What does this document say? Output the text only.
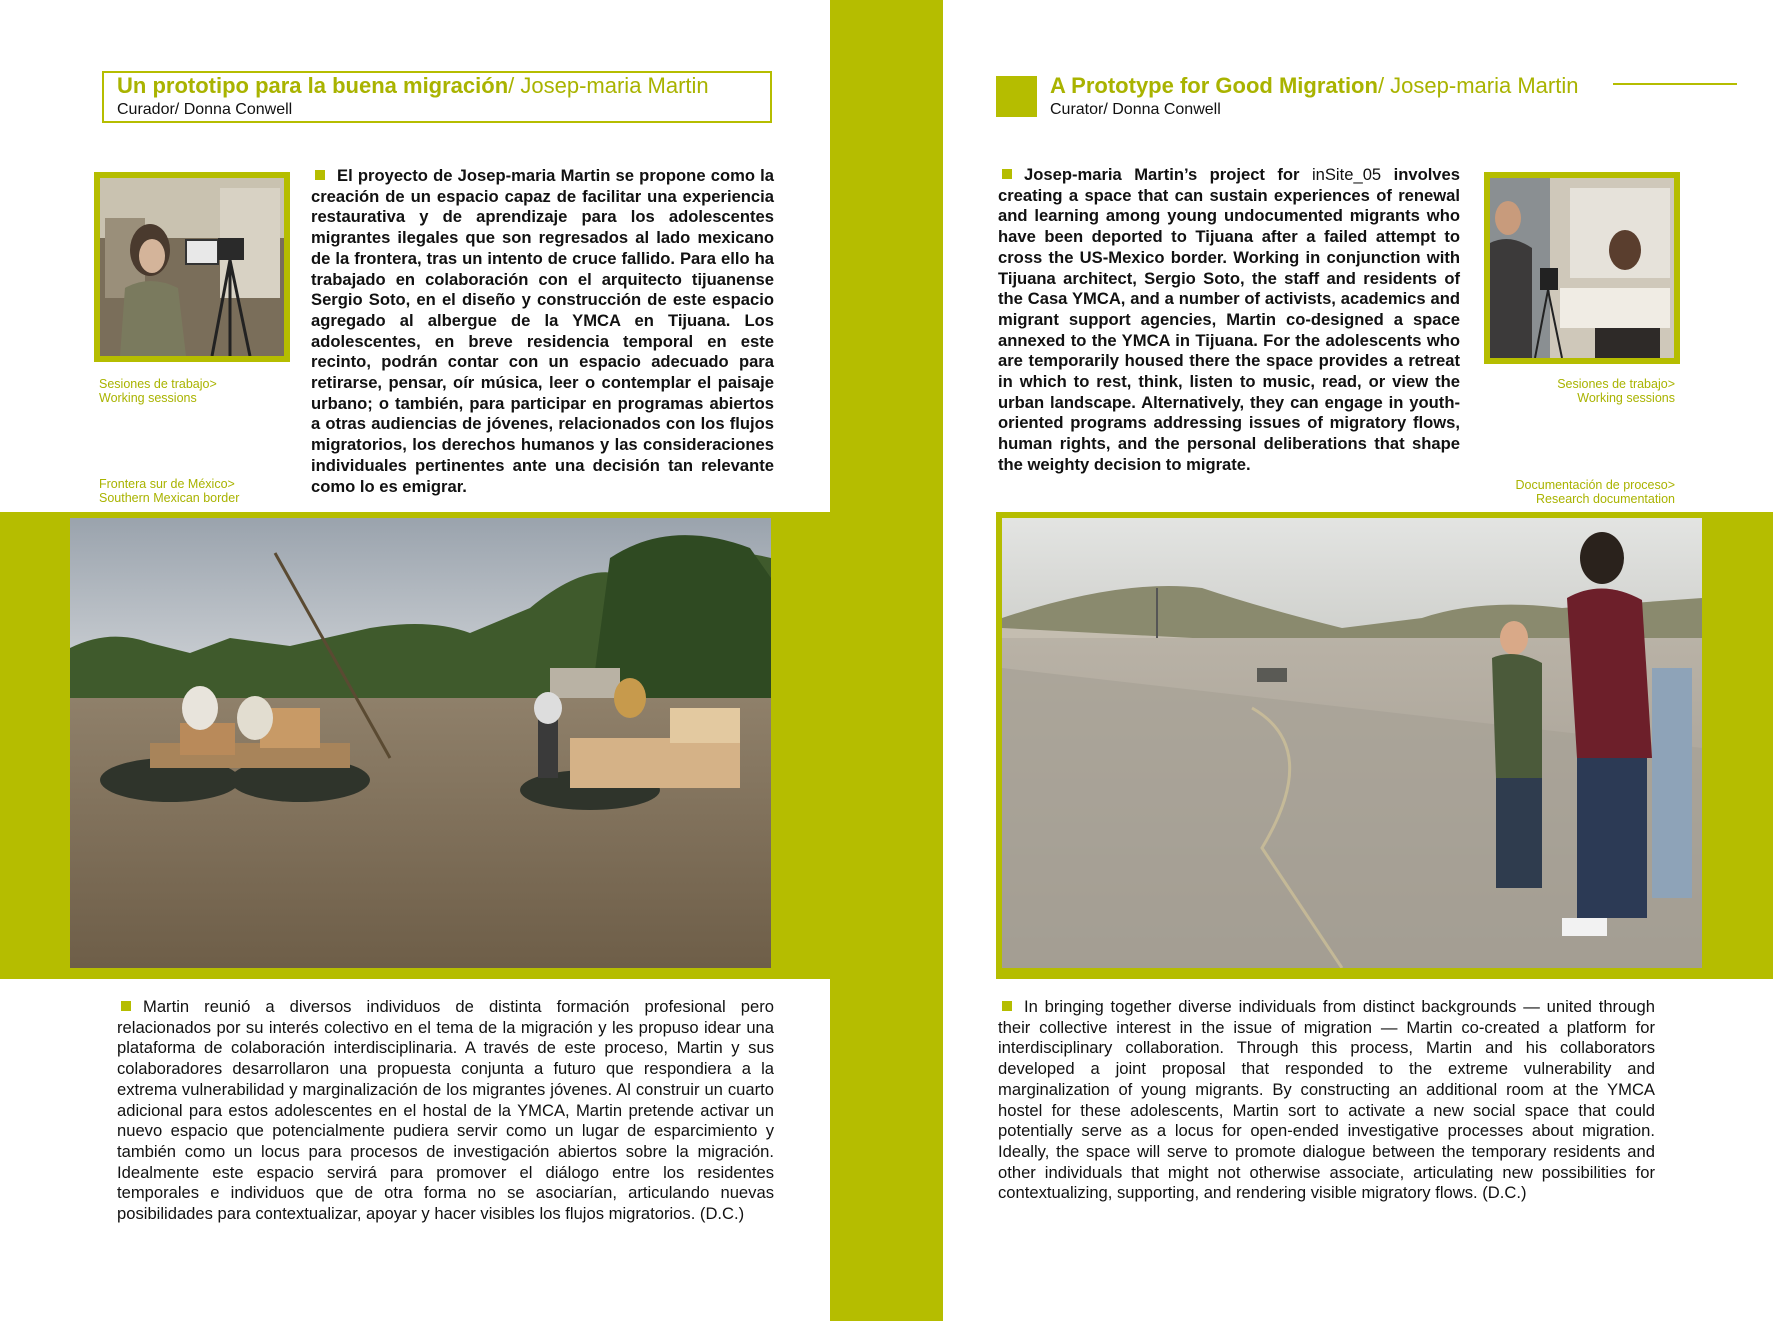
Un prototipo para la buena migración/ Josep-maria Martin
Curador/ Donna Conwell
Sesiones de trabajo>
Working sessions
Frontera sur de México>
Southern Mexican border
El proyecto de Josep-maria Martin se propone como la creación de un espacio capaz de facilitar una experiencia restaurativa y de aprendizaje para los adolescentes migrantes ilegales que son regresados al lado mexicano de la frontera, tras un intento de cruce fallido. Para ello ha trabajado en colaboración con el arquitecto tijuanense Sergio Soto, en el diseño y construcción de este espacio agregado al albergue de la YMCA en Tijuana. Los adolescentes, en breve residencia temporal en este recinto, podrán contar con un espacio adecuado para retirarse, pensar, oír música, leer o contemplar el paisaje urbano; o también, para participar en programas abiertos a otras audiencias de jóvenes, relacionados con los flujos migratorios, los derechos humanos y las consideraciones individuales pertinentes ante una decisión tan relevante como lo es emigrar.
Martin reunió a diversos individuos de distinta formación profesional pero relacionados por su interés colectivo en el tema de la migración y les propuso idear una plataforma de colaboración interdisciplinaria. A través de este proceso, Martin y sus colaboradores desarrollaron una propuesta conjunta a futuro que respondiera a la extrema vulnerabilidad y marginalización de los migrantes jóvenes. Al construir un cuarto adicional para estos adolescentes en el hostal de la YMCA, Martin pretende activar un nuevo espacio que potencialmente pudiera servir como un lugar de esparcimiento y también como un locus para procesos de investigación abiertos sobre la migración. Idealmente este espacio servirá para promover el diálogo entre los residentes temporales e individuos que de otra forma no se asociarían, articulando nuevas posibilidades para contextualizar, apoyar y hacer visibles los flujos migratorios. (D.C.)
A Prototype for Good Migration/ Josep-maria Martin
Curator/ Donna Conwell
Josep-maria Martin’s project for inSite_05 involves creating a space that can sustain experiences of renewal and learning among young undocumented migrants who have been deported to Tijuana after a failed attempt to cross the US-Mexico border. Working in conjunction with Tijuana architect, Sergio Soto, the staff and residents of the Casa YMCA, and a number of activists, academics and migrant support agencies, Martin co-designed a space annexed to the YMCA in Tijuana. For the adolescents who are temporarily housed there the space provides a retreat in which to rest, think, listen to music, read, or view the urban landscape. Alternatively, they can engage in youth-oriented programs addressing issues of migratory flows, human rights, and the personal deliberations that shape the weighty decision to migrate.
Sesiones de trabajo>
Working sessions
Documentación de proceso>
Research documentation
In bringing together diverse individuals from distinct backgrounds — united through their collective interest in the issue of migration — Martin co-created a platform for interdisciplinary collaboration. Through this process, Martin and his collaborators developed a joint proposal that responded to the extreme vulnerability and marginalization of young migrants. By constructing an additional room at the YMCA hostel for these adolescents, Martin sort to activate a new social space that could potentially serve as a locus for open-ended investigative processes about migration. Ideally, the space will serve to promote dialogue between the temporary residents and other individuals that might not otherwise associate, articulating new possibilities for contextualizing, supporting, and rendering visible migratory flows. (D.C.)
